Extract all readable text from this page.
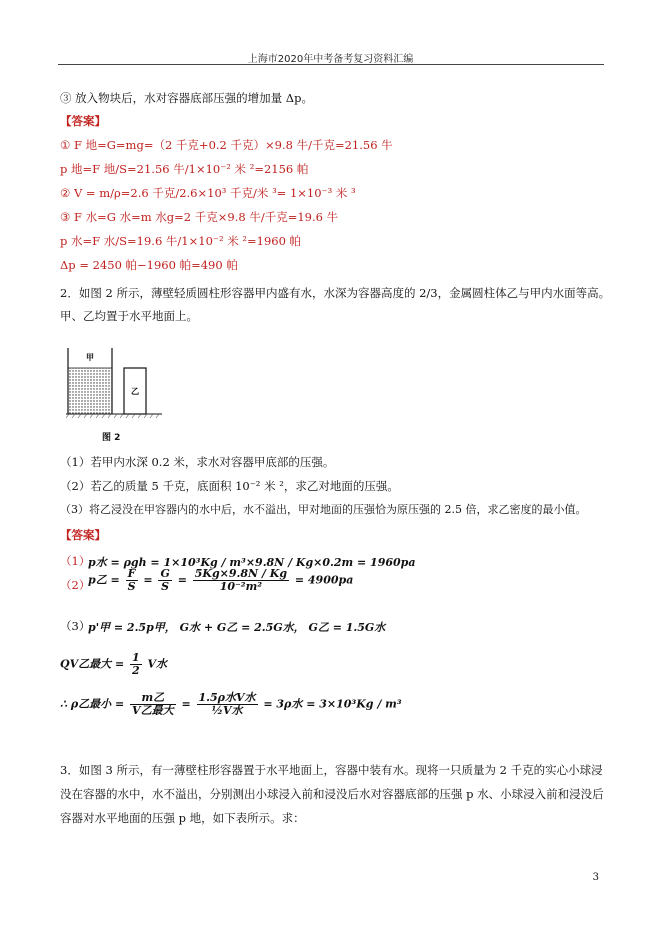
上海市2020年中考备考复习资料汇编
③ 放入物块后，水对容器底部压强的增加量 Δp。
【答案】
① F 地=G=mg=（2 千克+0.2 千克）×9.8 牛/千克=21.56 牛
p 地=F 地/S=21.56 牛/1×10⁻² 米 ²=2156 帕
② V = m/ρ=2.6 千克/2.6×10³ 千克/米 ³= 1×10⁻³ 米 ³
③ F 水=G 水=m 水g=2 千克×9.8 牛/千克=19.6 牛
p 水=F 水/S=19.6 牛/1×10⁻² 米 ²=1960 帕
Δp = 2450 帕−1960 帕=490 帕
2．如图 2 所示，薄壁轻质圆柱形容器甲内盛有水，水深为容器高度的 2/3，金属圆柱体乙与甲内水面等高。
甲、乙均置于水平地面上。
甲
乙
图 2
（1）若甲内水深 0.2 米，求水对容器甲底部的压强。
（2）若乙的质量 5 千克，底面积 10⁻² 米 ²，求乙对地面的压强。
（3）将乙浸没在甲容器内的水中后，水不溢出，甲对地面的压强恰为原压强的 2.5 倍，求乙密度的最小值。
【答案】
（1）
p水 = ρgh = 1×10³Kg / m³×9.8N / Kg×0.2m = 1960pa
（2）
p乙 = $\frac{F}{S} = \frac{G}{S} = \frac{5Kg\times 9.8N / Kg}{\text{10⁻²m²}} = 4900pa$
（3）
p'甲 = 2.5p甲， G水 + G乙 = 2.5G水， G乙 = 1.5G水
QV乙最大 = $\frac{1}{2}$ V水
∴ ρ乙最小 = $\frac{\text{m乙}}{\text{V乙最大}} = \frac{\text{1.5ρ水V水}}{\text{½V水}} = 3\rho$水 = 3×10³Kg / m³
3．如图 3 所示，有一薄壁柱形容器置于水平地面上，容器中装有水。现将一只质量为 2 千克的实心小球浸
没在容器的水中，水不溢出，分别测出小球浸入前和浸没后水对容器底部的压强 p 水、小球浸入前和浸没后
容器对水平地面的压强 p 地，如下表所示。求：
3
